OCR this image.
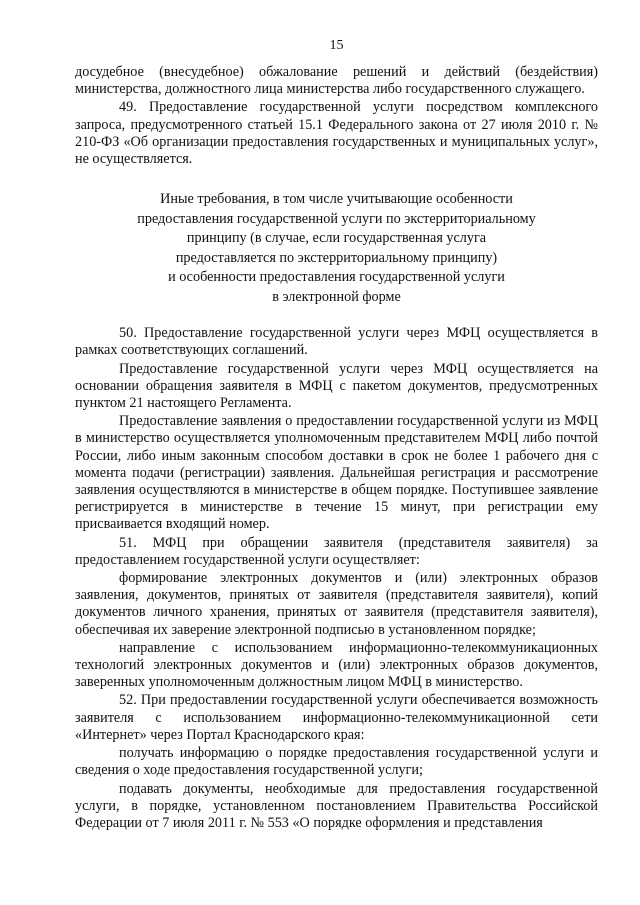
15

досудебное (внесудебное) обжалование решений и действий (бездействия) министерства, должностного лица министерства либо государственного служащего.

49. Предоставление государственной услуги посредством комплексного запроса, предусмотренного статьей 15.1 Федерального закона от 27 июля 2010 г. № 210-ФЗ «Об организации предоставления государственных и муниципальных услуг», не осуществляется.

Иные требования, в том числе учитывающие особенности
предоставления государственной услуги по экстерриториальному
принципу (в случае, если государственная услуга
предоставляется по экстерриториальному принципу)
и особенности предоставления государственной услуги
в электронной форме

50. Предоставление государственной услуги через МФЦ осуществляется в рамках соответствующих соглашений.

Предоставление государственной услуги через МФЦ осуществляется на основании обращения заявителя в МФЦ с пакетом документов, предусмотренных пунктом 21 настоящего Регламента.

Предоставление заявления о предоставлении государственной услуги из МФЦ в министерство осуществляется уполномоченным представителем МФЦ либо почтой России, либо иным законным способом доставки в срок не более 1 рабочего дня с момента подачи (регистрации) заявления. Дальнейшая регистрация и рассмотрение заявления осуществляются в министерстве в общем порядке. Поступившее заявление регистрируется в министерстве в течение 15 минут, при регистрации ему присваивается входящий номер.

51. МФЦ при обращении заявителя (представителя заявителя) за предоставлением государственной услуги осуществляет:

формирование электронных документов и (или) электронных образов заявления, документов, принятых от заявителя (представителя заявителя), копий документов личного хранения, принятых от заявителя (представителя заявителя), обеспечивая их заверение электронной подписью в установленном порядке;

направление с использованием информационно-телекоммуникационных технологий электронных документов и (или) электронных образов документов, заверенных уполномоченным должностным лицом МФЦ в министерство.

52. При предоставлении государственной услуги обеспечивается возможность заявителя с использованием информационно-телекоммуникационной сети «Интернет» через Портал Краснодарского края:

получать информацию о порядке предоставления государственной услуги и сведения о ходе предоставления государственной услуги;

подавать документы, необходимые для предоставления государственной услуги, в порядке, установленном постановлением Правительства Российской Федерации от 7 июля 2011 г. № 553 «О порядке оформления и представления
